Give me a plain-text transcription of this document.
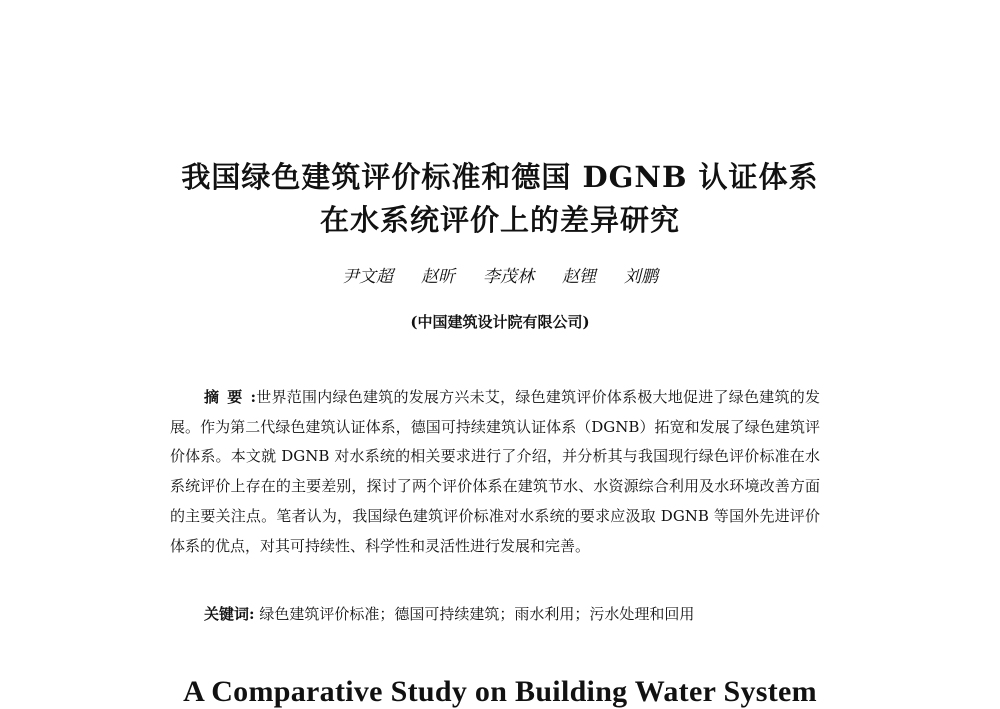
我国绿色建筑评价标准和德国 DGNB 认证体系
在水系统评价上的差异研究
尹文超 赵昕 李茂林 赵锂 刘鹏
(中国建筑设计院有限公司)
摘要:世界范围内绿色建筑的发展方兴未艾，绿色建筑评价体系极大地促进了绿色建筑的发展。作为第二代绿色建筑认证体系，德国可持续建筑认证体系（DGNB）拓宽和发展了绿色建筑评价体系。本文就 DGNB 对水系统的相关要求进行了介绍，并分析其与我国现行绿色评价标准在水系统评价上存在的主要差别，探讨了两个评价体系在建筑节水、水资源综合利用及水环境改善方面的主要关注点。笔者认为，我国绿色建筑评价标准对水系统的要求应汲取 DGNB 等国外先进评价体系的优点，对其可持续性、科学性和灵活性进行发展和完善。
关键词: 绿色建筑评价标准；德国可持续建筑；雨水利用；污水处理和回用
A Comparative Study on Building Water System
